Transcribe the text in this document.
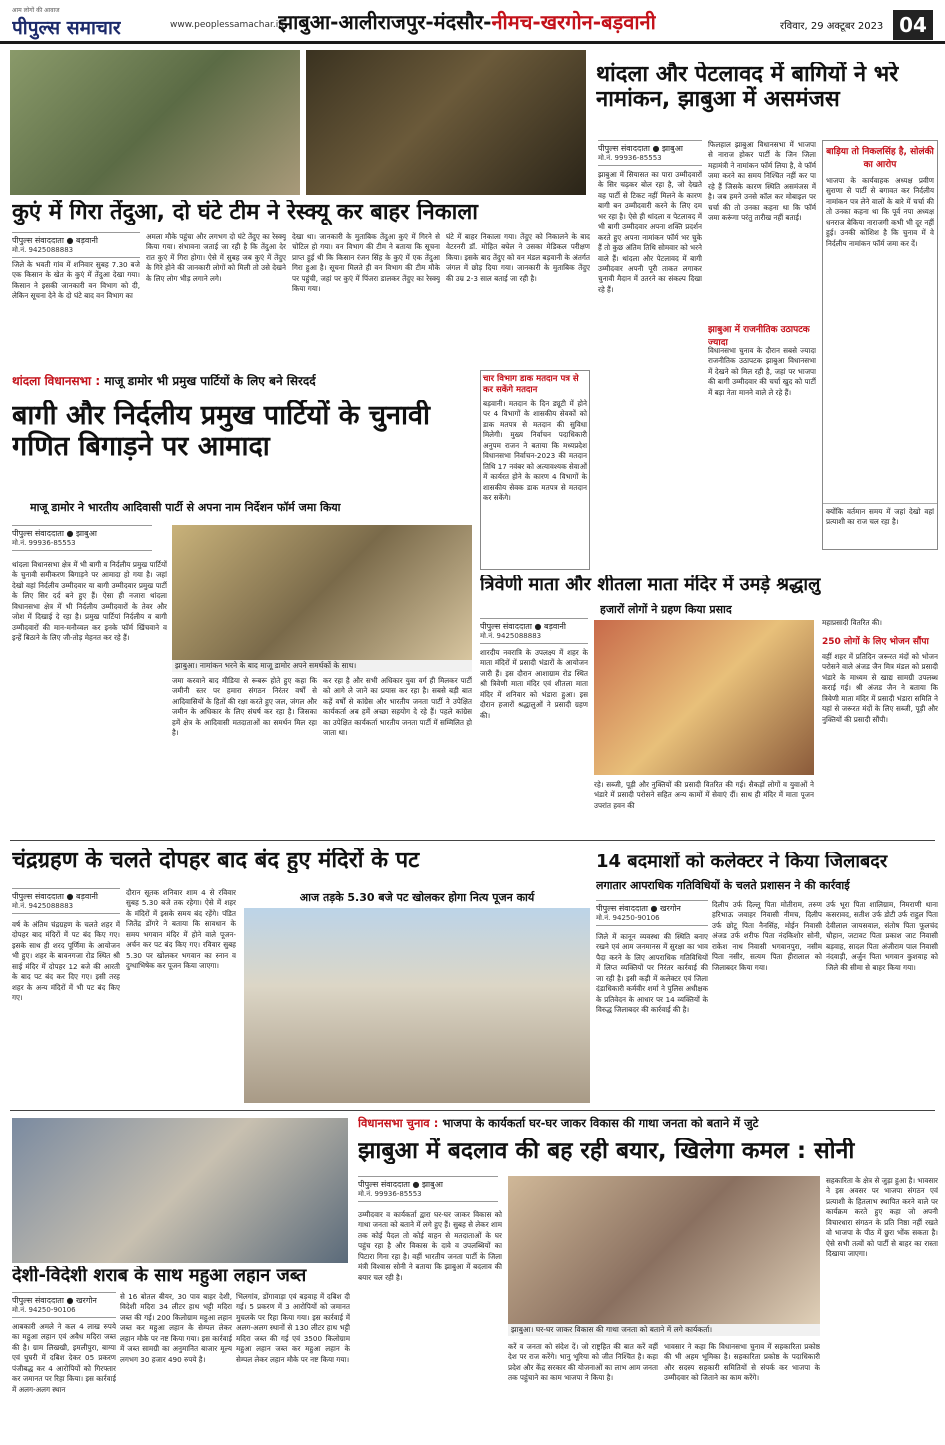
आम लोगों की आवाज
पीपुल्स समाचार	www.peoplessamachar.in
झाबुआ-आलीराजपुर-मंदसौर-नीमच-खरगोन-बड़वानी	रविवार, 29 अक्टूबर 2023 04
कुएं में गिरा तेंदुआ, दो घंटे टीम ने रेस्क्यू कर बाहर निकाला
पीपुल्स संवाददाता ● बड़वानी
मो.नं. 9425088883
जिले के भवती गांव में शनिवार सुबह 7.30 बजे एक किसान के खेत के कुएं में तेंदुआ देखा गया। किसान ने इसकी जानकारी वन विभाग को दी, लेकिन सूचना देने के दो घंटे बाद वन विभाग का
अमला मौके पहुंचा और लगभग दो घंटे तेंदुए का रेस्क्यू किया गया। संभावना जताई जा रही है कि तेंदुआ देर रात कुएं में गिरा होगा। ऐसे में सुबह जब कुएं में तेंदुए के गिरे होने की जानकारी लोगों को मिली तो उसे देखने के लिए लोग भीड़ लगाने लगे।
देखा था। जानकारी के मुताबिक तेंदुआ कुएं में गिरने से चोटिल हो गया। वन विभाग की टीम ने बताया कि सूचना प्राप्त हुई थी कि किसान रंजन सिंह के कुएं में एक तेंदुआ गिरा हुआ है। सूचना मिलते ही वन विभाग की टीम मौके पर पहुंची, जहां पर कुएं में पिंजरा डालकर तेंदुए का रेस्क्यू किया गया।
घंटे में बाहर निकाला गया। तेंदुए को निकालने के बाद वेटरनरी डॉ. मोहित बघेल ने उसका मेडिकल परीक्षण किया। इसके बाद तेंदुए को वन मंडल बड़वानी के अंतर्गत जंगल में छोड़ दिया गया। जानकारी के मुताबिक तेंदुए की उम्र 2-3 साल बताई जा रही है।
थांदला और पेटलावद में बागियों ने भरे नामांकन, झाबुआ में असमंजस
पीपुल्स संवाददाता ● झाबुआ
मो.नं. 99936-85553
झाबुआ में सियासत का पारा उम्मीदवारों के सिर चढ़कर बोल रहा है, जो देखते वह पार्टी से टिकट नहीं मिलने के कारण बागी बन उम्मीदवारी करने के लिए दम भर रहा है। ऐसे ही थांदला व पेटलावद में भी बागी उम्मीदवार अपना शक्ति प्रदर्शन करते हुए अपना नामांकन फॉर्म भर चुके हैं तो कुछ अंतिम तिथि सोमवार को भरने वाले हैं। थांदला और पेटलावद में बागी उम्मीदवार अपनी पूरी ताकत लगाकर चुनावी मैदान में उतरने का संकल्प दिखा रहे हैं।
फिलहाल झाबुआ विधानसभा में भाजपा से नाराज होकर पार्टी के जिन जिला महामंत्री ने नामांकन फॉर्म लिया है, वे फॉर्म जमा करने का समय निश्चित नहीं कर पा रहे हैं जिसके कारण स्थिति असमंजस में है। जब हमने उनसे कॉल कर मोबाइल पर चर्चा की तो उनका कहना था कि फॉर्म जमा करूंगा परंतु तारीख नहीं बताई।
झाबुआ में राजनीतिक उठापटक ज्यादा
विधानसभा चुनाव के दौरान सबसे ज्यादा राजनीतिक उठापटक झाबुआ विधानसभा में देखने को मिल रही है, जहां पर भाजपा की बागी उम्मीदवार की चर्चा खुद को पार्टी में बड़ा नेता मानने वाले ले रहे हैं।
बाड़िया तो निकलसिंह है, सोलंकी का आरोप
भाजपा के कार्यवाहक अध्यक्ष प्रवीण सुराणा से पार्टी से बगावत कर निर्दलीय नामांकन पत्र लेने वालों के बारे में चर्चा की तो उनका कहना था कि पूर्व नपा अध्यक्ष धनराज बेकिया नाराजगी कभी भी दूर नहीं हुई। उनकी कोशिश है कि चुनाव में वे निर्दलीय नामांकन फॉर्म जमा कर दें।
क्योंकि वर्तमान समय में जहां देखो वहां प्रत्याशी का राज चल रहा है।
थांदला विधानसभा : माजू डामोर भी प्रमुख पार्टियों के लिए बने सिरदर्द
बागी और निर्दलीय प्रमुख पार्टियों के चुनावी गणित बिगाड़ने पर आमादा
माजू डामोर ने भारतीय आदिवासी पार्टी से अपना नाम निर्देशन फॉर्म जमा किया
पीपुल्स संवाददाता ● झाबुआ
मो.नं. 99936-85553
थांदला विधानसभा क्षेत्र में भी बागी व निर्दलीय प्रमुख पार्टियों के चुनावी समीकरण बिगाड़ने पर आमादा हो गया है। जहां देखो वहां निर्दलीय उम्मीदवार या बागी उम्मीदवार प्रमुख पार्टी के लिए सिर दर्द बने हुए हैं। ऐसा ही नजारा थांदला विधानसभा क्षेत्र में भी निर्दलीय उम्मीदवारों के तेवर और जोश में दिखाई दे रहा है। प्रमुख पार्टियां निर्दलीय व बागी उम्मीदवारों की मान-मनौव्वल कर इनके फॉर्म खिंचवाने व इन्हें बिठाने के लिए जी-तोड़ मेहनत कर रहे हैं।
झाबुआ। नामांकन भरने के बाद माजू डामोर अपने समर्थकों के साथ।
जमा करवाने बाद मीडिया से रूबरू होते हुए कहा कि जमीनी स्तर पर हमारा संगठन निरंतर वर्षों से आदिवासियों के हितों की रक्षा करते हुए जल, जंगल और जमीन के अधिकार के लिए संघर्ष कर रहा है। जिसका हमें क्षेत्र के आदिवासी मतदाताओं का समर्थन मिल रहा है।
कर रहा है और सभी अधिकार युवा वर्ग ही मिलकर पार्टी को आगे ले जाने का प्रयास कर रहा है। सबसे बड़ी बात कहें वर्षों से कांग्रेस और भारतीय जनता पार्टी ने उपेक्षित कार्यकर्ता अब हमें अच्छा सहयोग दे रहे हैं। पहले कांग्रेस का उपेक्षित कार्यकर्ता भारतीय जनता पार्टी में सम्मिलित हो जाता था।
चार विभाग डाक मतदान पत्र से कर सकेंगे मतदान
बड़वानी। मतदान के दिन ड्यूटी में होने पर 4 विभागों के शासकीय सेवकों को डाक मतपत्र से मतदान की सुविधा मिलेगी। मुख्य निर्वाचन पदाधिकारी अनुपम राजन ने बताया कि मध्यप्रदेश विधानसभा निर्वाचन-2023 की मतदान तिथि 17 नवंबर को अत्यावश्यक सेवाओं में कार्यरत होने के कारण 4 विभागों के शासकीय सेवक डाक मतपत्र से मतदान कर सकेंगे।
त्रिवेणी माता और शीतला माता मंदिर में उमड़े श्रद्धालु
हजारों लोगों ने ग्रहण किया प्रसाद
पीपुल्स संवाददाता ● बड़वानी
मो.नं. 9425088883
शारदीय नवरात्रि के उपलक्ष्य में शहर के माता मंदिरों में प्रसादी भंडारों के आयोजन जारी हैं। इस दौरान आशाग्राम रोड स्थित श्री त्रिवेणी माता मंदिर एवं शीतला माता मंदिर में शनिवार को भंडारा हुआ। इस दौरान हजारों श्रद्धालुओं ने प्रसादी ग्रहण की।
रहे। सब्जी, पूड़ी और नुक्तियों की प्रसादी वितरित की गई। सैकड़ों लोगों व युवाओं ने भंडारे में प्रसादी परोसने सहित अन्य कामों में सेवाएं दीं। साथ ही मंदिर में माता पूजन उपरांत हवन की
महाप्रसादी वितरित की।
250 लोगों के लिए भोजन सौंपा
वहीं शहर में प्रतिदिन जरूरत मंदों को भोजन परोसने वाले अंजड जैन मित्र मंडल को प्रसादी भंडारे के माध्यम से खाद्य सामग्री उपलब्ध कराई गई। श्री अंजड जैन ने बताया कि त्रिवेणी माता मंदिर में प्रसादी भंडारा समिति ने यहां से जरूरत मंदों के लिए सब्जी, पूड़ी और नुक्तियों की प्रसादी सौंपी।
चंद्रग्रहण के चलते दोपहर बाद बंद हुए मंदिरों के पट
पीपुल्स संवाददाता ● बड़वानी
मो.नं. 9425088883
वर्ष के अंतिम चंद्रग्रहण के चलते शहर में दोपहर बाद मंदिरों में पट बंद किए गए। इसके साथ ही शरद पूर्णिमा के आयोजन भी हुए। शहर के बावनगजा रोड स्थित श्री साई मंदिर में दोपहर 12 बजे की आरती के बाद पट बंद कर दिए गए। इसी तरह शहर के अन्य मंदिरों में भी पट बंद किए गए।
दौरान सूतक शनिवार शाम 4 से रविवार सुबह 5.30 बजे तक रहेगा। ऐसे में शहर के मंदिरों में इसके समय बंद रहेंगे। पंडित जितेंद्र डोंगरे ने बताया कि सावधान के समय भगवान मंदिर में होने वाले पूजन-अर्चन कर पट बंद किए गए। रविवार सुबह 5.30 पर खोलकर भगवान का स्नान व दुग्धाभिषेक कर पूजन किया जाएगा।
आज तड़के 5.30 बजे पट खोलकर होगा नित्य पूजन कार्य
14 बदमाशों को कलेक्टर ने किया जिलाबदर
लगातार आपराधिक गतिविधियों के चलते प्रशासन ने की कार्रवाई
पीपुल्स संवाददाता ● खरगोन
मो.नं. 94250-90106
जिले में कानून व्यवस्था की स्थिति बनाए रखने एवं आम जनमानस में सुरक्षा का भाव पैदा करने के लिए आपराधिक गतिविधियों में लिप्त व्यक्तियों पर निरंतर कार्रवाई की जा रही है। इसी कड़ी में कलेक्टर एवं जिला दंडाधिकारी कर्मवीर शर्मा ने पुलिस अधीक्षक के प्रतिवेदन के आधार पर 14 व्यक्तियों के विरुद्ध जिलाबदर की कार्रवाई की है।
दिलीप उर्फ दिल्लू पिता मोतीराम, तरुण हरिभाऊ जवाहर निवासी नीमच, दिलीप उर्फ छोटू पिता नैनसिंह, मोईन निवासी अंजड उर्फ शरीफ पिता नंदकिशोर सोनी, राकेश नाथ निवासी भगवानपुरा, नसीम पिता नसीर, सत्यम पिता हीरालाल को जिलाबदर किया गया।
उर्फ भूरा पिता शालिग्राम, निमराणी थाना कसरावद, सतीश उर्फ डोटी उर्फ राहुल पिता देवीलाल जायसवाल, संतोष पिता फूलचंद चौहान, जटावट पिता प्रकाश जाट निवासी बड़वाह, सादल पिता अंजीराम पाल निवासी नंदवाड़ी, अर्जुन पिता भगवान कुशवाह को जिले की सीमा से बाहर किया गया।
देशी-विदेशी शराब के साथ महुआ लहान जब्त
पीपुल्स संवाददाता ● खरगोन
मो.नं. 94250-90106
आबकारी अमले ने कल 4 लाख रुपये का महुआ लहान एवं अवैध मदिरा जब्त की है। ग्राम लिखखी, इमलीपुरा, बाग्या एवं घुघरी में दबिश देकर 05 प्रकरण पंजीबद्ध कर 4 आरोपियों को गिरफ्तार कर जमानत पर रिहा किया। इस कार्रवाई में अलग-अलग स्थान
से 16 बोतल बीयर, 30 पाव बाहर देशी, विदेशी मदिरा 34 लीटर हाथ भट्टी मदिरा जब्त की गई। 200 किलोग्राम महुआ लहान जब्त कर महुआ लहान के सेम्पल लेकर लहान मौके पर नष्ट किया गया। इस कार्रवाई में जब्त सामग्री का अनुमानित बाजार मूल्य लगभग 30 हजार 490 रुपये है।
भिलगांव, डोंगावाड़ा एवं बड़वाह में दबिश दी गई। 5 प्रकरण में 3 आरोपियों को जमानत मुचलके पर रिहा किया गया। इस कार्रवाई में अलग-अलग स्थानों से 130 लीटर हाथ भट्टी मदिरा जब्त की गई एवं 3500 किलोग्राम महुआ लहान जब्त कर महुआ लहान के सेम्पल लेकर लहान मौके पर नष्ट किया गया।
विधानसभा चुनाव : भाजपा के कार्यकर्ता घर-घर जाकर विकास की गाथा जनता को बताने में जुटे
झाबुआ में बदलाव की बह रही बयार, खिलेगा कमल : सोनी
पीपुल्स संवाददाता ● झाबुआ
मो.नं. 99936-85553
उम्मीदवार व कार्यकर्ता द्वारा घर-घर जाकर विकास को गाथा जनता को बताने में लगे हुए हैं। सुबह से लेकर शाम तक कोई पैदल तो कोई वाहन से मतदाताओं के घर पहुंच रहा है और विकास के दावे व उपलब्धियों का पिटारा गिना रहा है। वहीं भारतीय जनता पार्टी के जिला मंत्री विश्वास सोनी ने बताया कि झाबुआ में बदलाव की बयार चल रही है।
झाबुआ। घर-घर जाकर विकास की गाथा जनता को बताने में लगे कार्यकर्ता।
करें व जनता को संदेश दें। जो राष्ट्रहित की बात करें वहीं देश पर राज करेंगे। भानु भूरिया को जीत निश्चित है। कहा प्रदेश और केंद्र सरकार की योजनाओं का लाभ आम जनता तक पहुंचाने का काम भाजपा ने किया है।
भावसार ने कहा कि विधानसभा चुनाव में सहकारिता प्रकोष्ठ की भी अहम भूमिका है। सहकारिता प्रकोष्ठ के पदाधिकारी और सदस्य सहकारी समितियों से संपर्क कर भाजपा के उम्मीदवार को जिताने का काम करेंगे।
सहकारिता के क्षेत्र से जुड़ा हुआ है। भावसार ने इस अवसर पर भाजपा संगठन एवं प्रत्याशी के हितलाभ स्थापित करने वाले पर कार्यक्रम करते हुए कहा जो अपनी विचारधारा संगठन के प्रति निष्ठा नहीं रखते वो भाजपा के पीठ में छुरा भोंक सकता है। ऐसे सभी तत्वों को पार्टी से बाहर का रास्ता दिखाया जाएगा।
